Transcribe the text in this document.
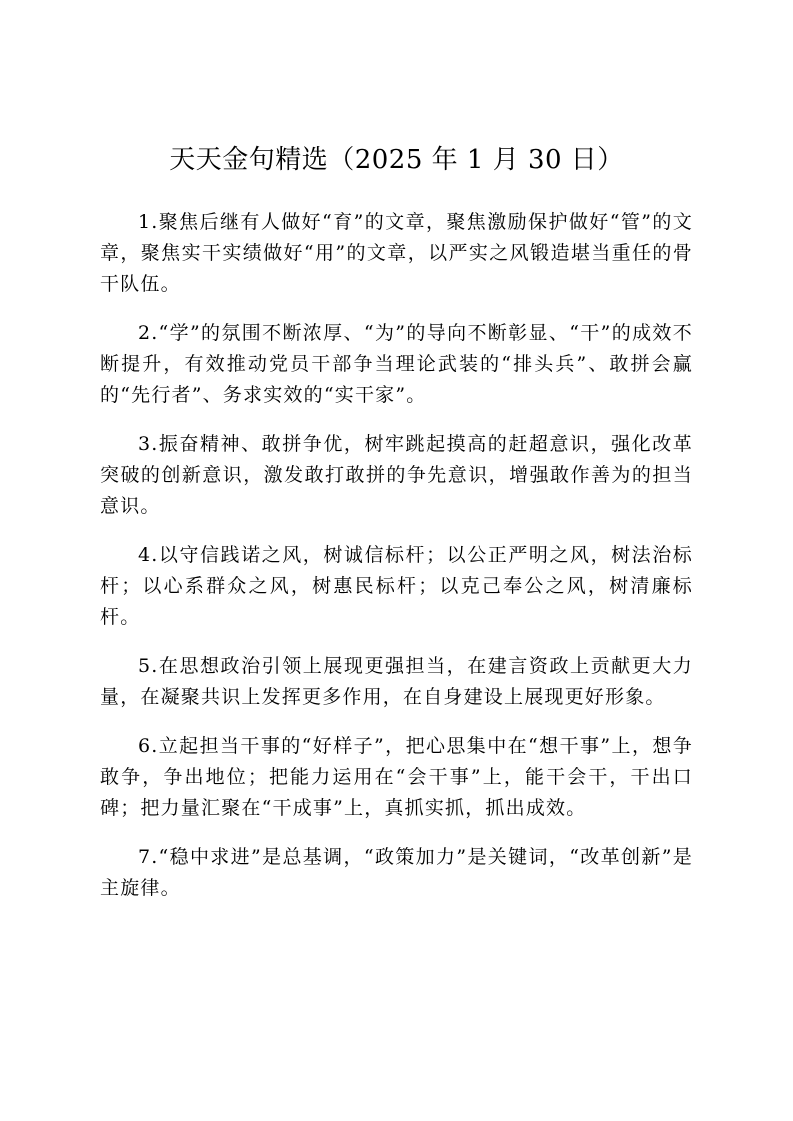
天天金句精选（2025 年 1 月 30 日）

1.聚焦后继有人做好“育”的文章，聚焦激励保护做好“管”的文章，聚焦实干实绩做好“用”的文章，以严实之风锻造堪当重任的骨干队伍。

2.“学”的氛围不断浓厚、“为”的导向不断彰显、“干”的成效不断提升，有效推动党员干部争当理论武装的“排头兵”、敢拼会赢的“先行者”、务求实效的“实干家”。

3.振奋精神、敢拼争优，树牢跳起摸高的赶超意识，强化改革突破的创新意识，激发敢打敢拼的争先意识，增强敢作善为的担当意识。

4.以守信践诺之风，树诚信标杆；以公正严明之风，树法治标杆；以心系群众之风，树惠民标杆；以克己奉公之风，树清廉标杆。

5.在思想政治引领上展现更强担当，在建言资政上贡献更大力量，在凝聚共识上发挥更多作用，在自身建设上展现更好形象。

6.立起担当干事的“好样子”，把心思集中在“想干事”上，想争敢争，争出地位；把能力运用在“会干事”上，能干会干，干出口碑；把力量汇聚在“干成事”上，真抓实抓，抓出成效。

7.“稳中求进”是总基调，“政策加力”是关键词，“改革创新”是主旋律。
